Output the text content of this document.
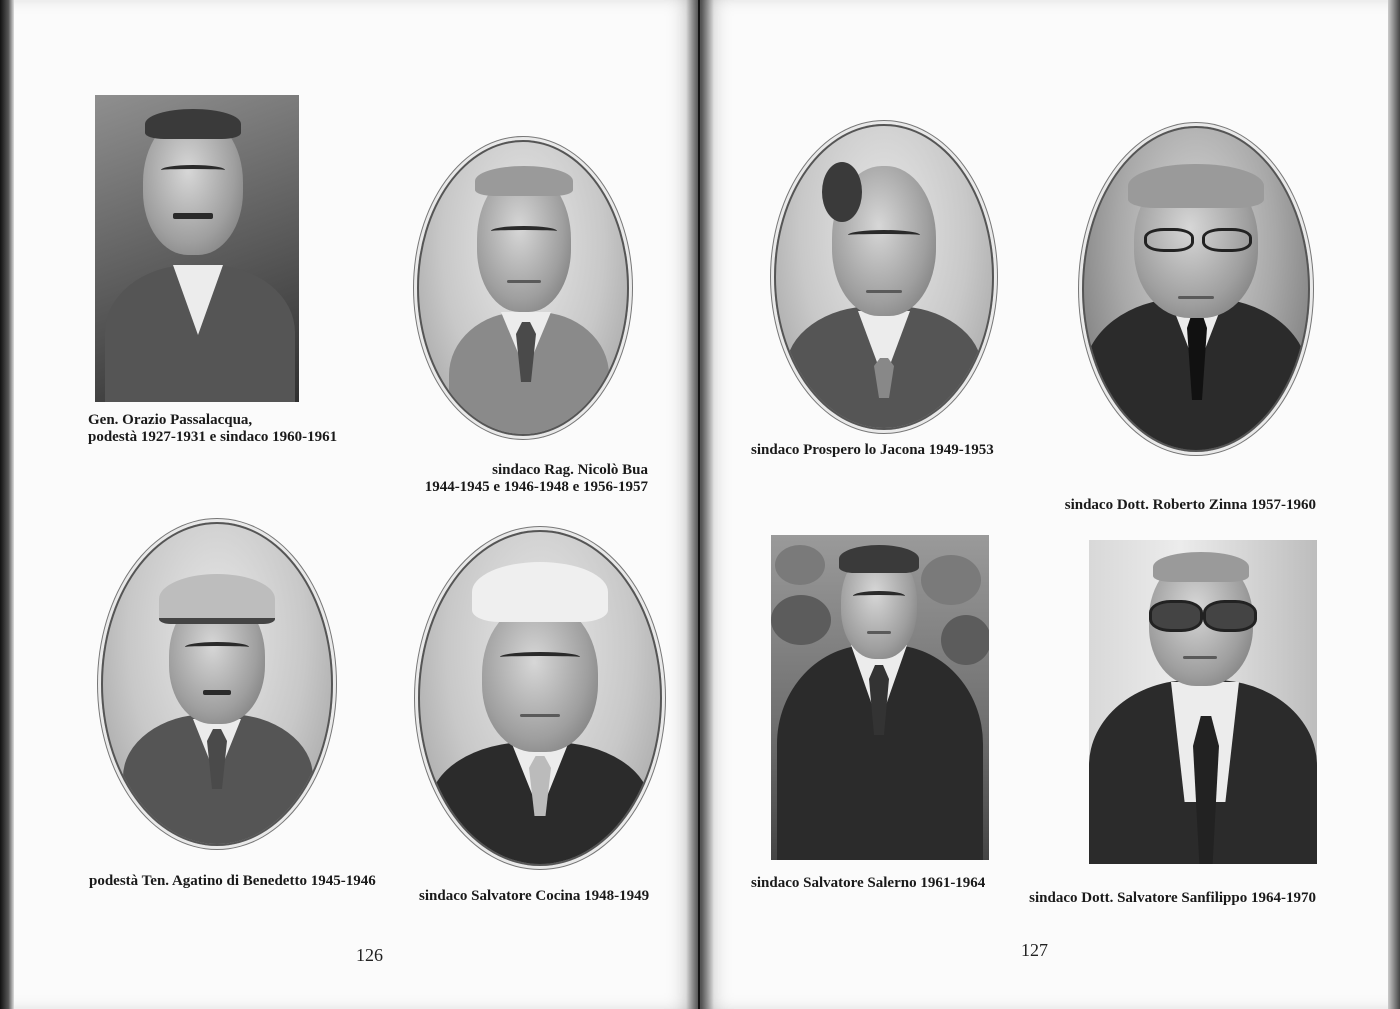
Gen. Orazio Passalacqua,
podestà 1927-1931 e sindaco 1960-1961
sindaco Rag. Nicolò Bua
1944-1945 e 1946-1948 e 1956-1957
podestà Ten. Agatino di Benedetto 1945-1946
sindaco Salvatore Cocina 1948-1949
126
sindaco Prospero lo Jacona 1949-1953
sindaco Dott. Roberto Zinna 1957-1960
sindaco Salvatore Salerno 1961-1964
sindaco Dott. Salvatore Sanfilippo 1964-1970
127
